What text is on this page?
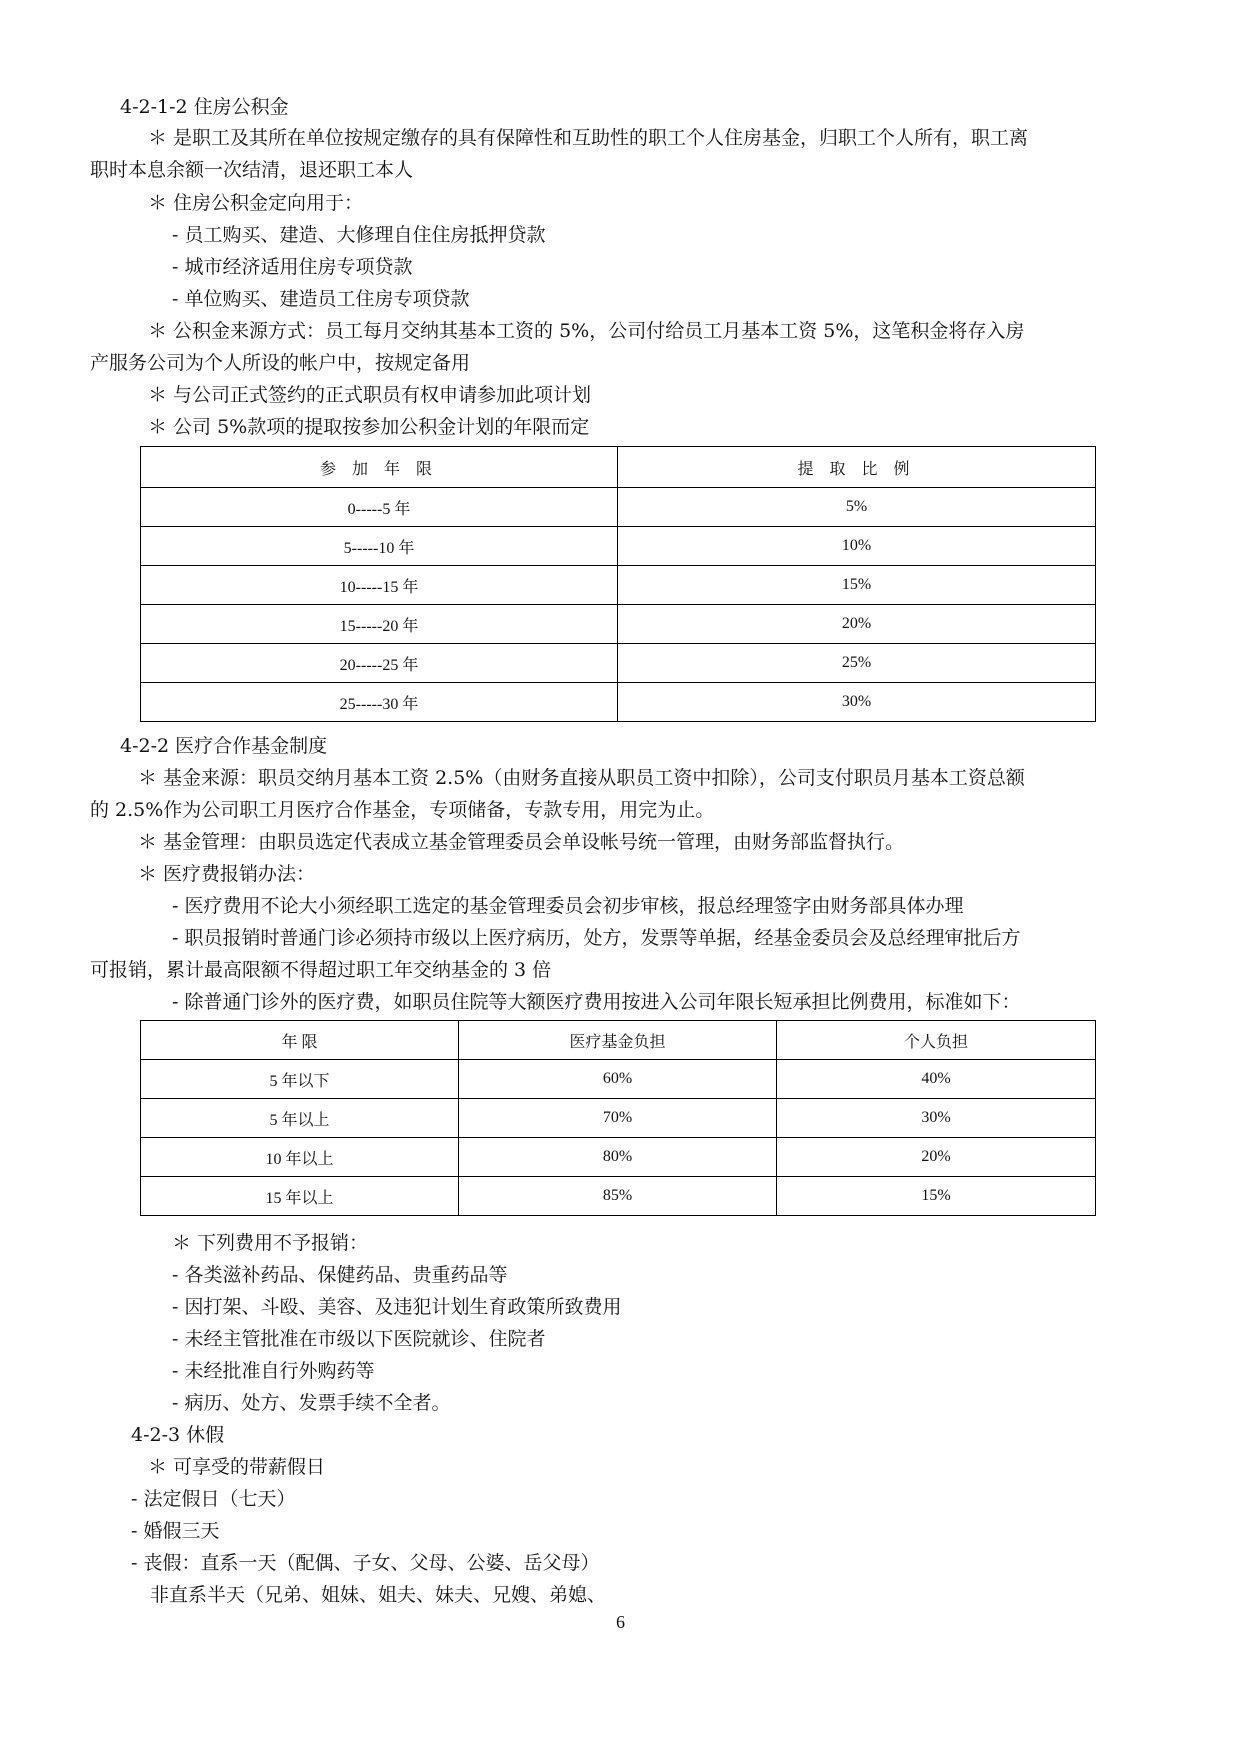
4-2-1-2 住房公积金
＊ 是职工及其所在单位按规定缴存的具有保障性和互助性的职工个人住房基金，归职工个人所有，职工离
职时本息余额一次结清，退还职工本人
＊ 住房公积金定向用于：
- 员工购买、建造、大修理自住住房抵押贷款
- 城市经济适用住房专项贷款
- 单位购买、建造员工住房专项贷款
＊ 公积金来源方式：员工每月交纳其基本工资的 5%，公司付给员工月基本工资 5%，这笔积金将存入房
产服务公司为个人所设的帐户中，按规定备用
＊ 与公司正式签约的正式职员有权申请参加此项计划
＊ 公司 5%款项的提取按参加公积金计划的年限而定
参 加 年 限	提 取 比 例
0-----5 年	5%
5-----10 年	10%
10-----15 年	15%
15-----20 年	20%
20-----25 年	25%
25-----30 年	30%
4-2-2 医疗合作基金制度
＊ 基金来源：职员交纳月基本工资 2.5%（由财务直接从职员工资中扣除），公司支付职员月基本工资总额
的 2.5%作为公司职工月医疗合作基金，专项储备，专款专用，用完为止。
＊ 基金管理：由职员选定代表成立基金管理委员会单设帐号统一管理，由财务部监督执行。
＊ 医疗费报销办法：
- 医疗费用不论大小须经职工选定的基金管理委员会初步审核，报总经理签字由财务部具体办理
- 职员报销时普通门诊必须持市级以上医疗病历，处方，发票等单据，经基金委员会及总经理审批后方
可报销，累计最高限额不得超过职工年交纳基金的 3 倍
- 除普通门诊外的医疗费，如职员住院等大额医疗费用按进入公司年限长短承担比例费用，标准如下：
年 限	医疗基金负担	个人负担
5 年以下	60%	40%
5 年以上	70%	30%
10 年以上	80%	20%
15 年以上	85%	15%
＊ 下列费用不予报销：
- 各类滋补药品、保健药品、贵重药品等
- 因打架、斗殴、美容、及违犯计划生育政策所致费用
- 未经主管批准在市级以下医院就诊、住院者
- 未经批准自行外购药等
- 病历、处方、发票手续不全者。
4-2-3 休假
＊ 可享受的带薪假日
- 法定假日（七天）
- 婚假三天
- 丧假：直系一天（配偶、子女、父母、公婆、岳父母）
非直系半天（兄弟、姐妹、姐夫、妹夫、兄嫂、弟媳、
6
